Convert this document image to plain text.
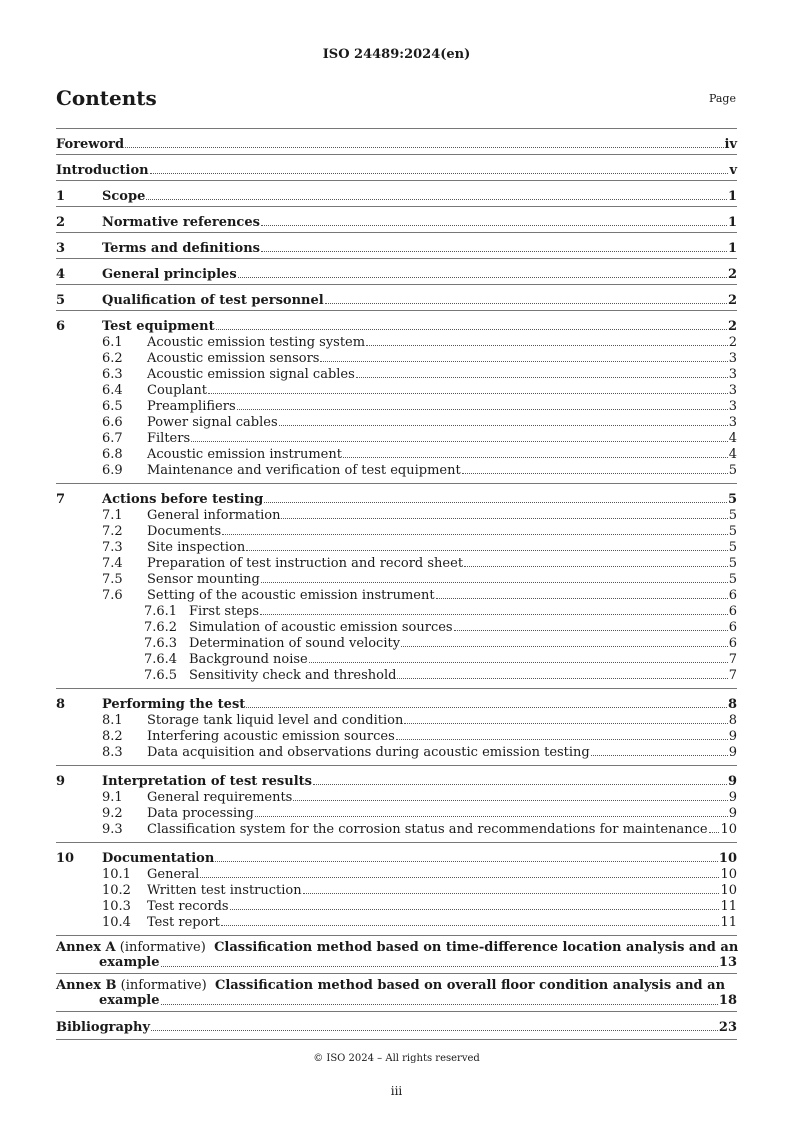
ISO 24489:2024(en)
Contents	Page
Foreword	iv
Introduction	v
1	Scope	1
2	Normative references	1
3	Terms and definitions	1
4	General principles	2
5	Qualification of test personnel	2
6	Test equipment	2
6.1	Acoustic emission testing system	2
6.2	Acoustic emission sensors	3
6.3	Acoustic emission signal cables	3
6.4	Couplant	3
6.5	Preamplifiers	3
6.6	Power signal cables	3
6.7	Filters	4
6.8	Acoustic emission instrument	4
6.9	Maintenance and verification of test equipment	5
7	Actions before testing	5
7.1	General information	5
7.2	Documents	5
7.3	Site inspection	5
7.4	Preparation of test instruction and record sheet	5
7.5	Sensor mounting	5
7.6	Setting of the acoustic emission instrument	6
7.6.1 First steps	6
7.6.2 Simulation of acoustic emission sources	6
7.6.3 Determination of sound velocity	6
7.6.4 Background noise	7
7.6.5 Sensitivity check and threshold	7
8	Performing the test	8
8.1	Storage tank liquid level and condition	8
8.2	Interfering acoustic emission sources	9
8.3	Data acquisition and observations during acoustic emission testing	9
9	Interpretation of test results	9
9.1	General requirements	9
9.2	Data processing	9
9.3	Classification system for the corrosion status and recommendations for maintenance 10
10	Documentation	10
10.1	General	10
10.2	Written test instruction	10
10.3	Test records	11
10.4	Test report	11
Annex A (informative) Classification method based on time-difference location analysis and an
example	13
Annex B (informative) Classification method based on overall floor condition analysis and an
example	18
Bibliography	23
© ISO 2024 – All rights reserved
iii
